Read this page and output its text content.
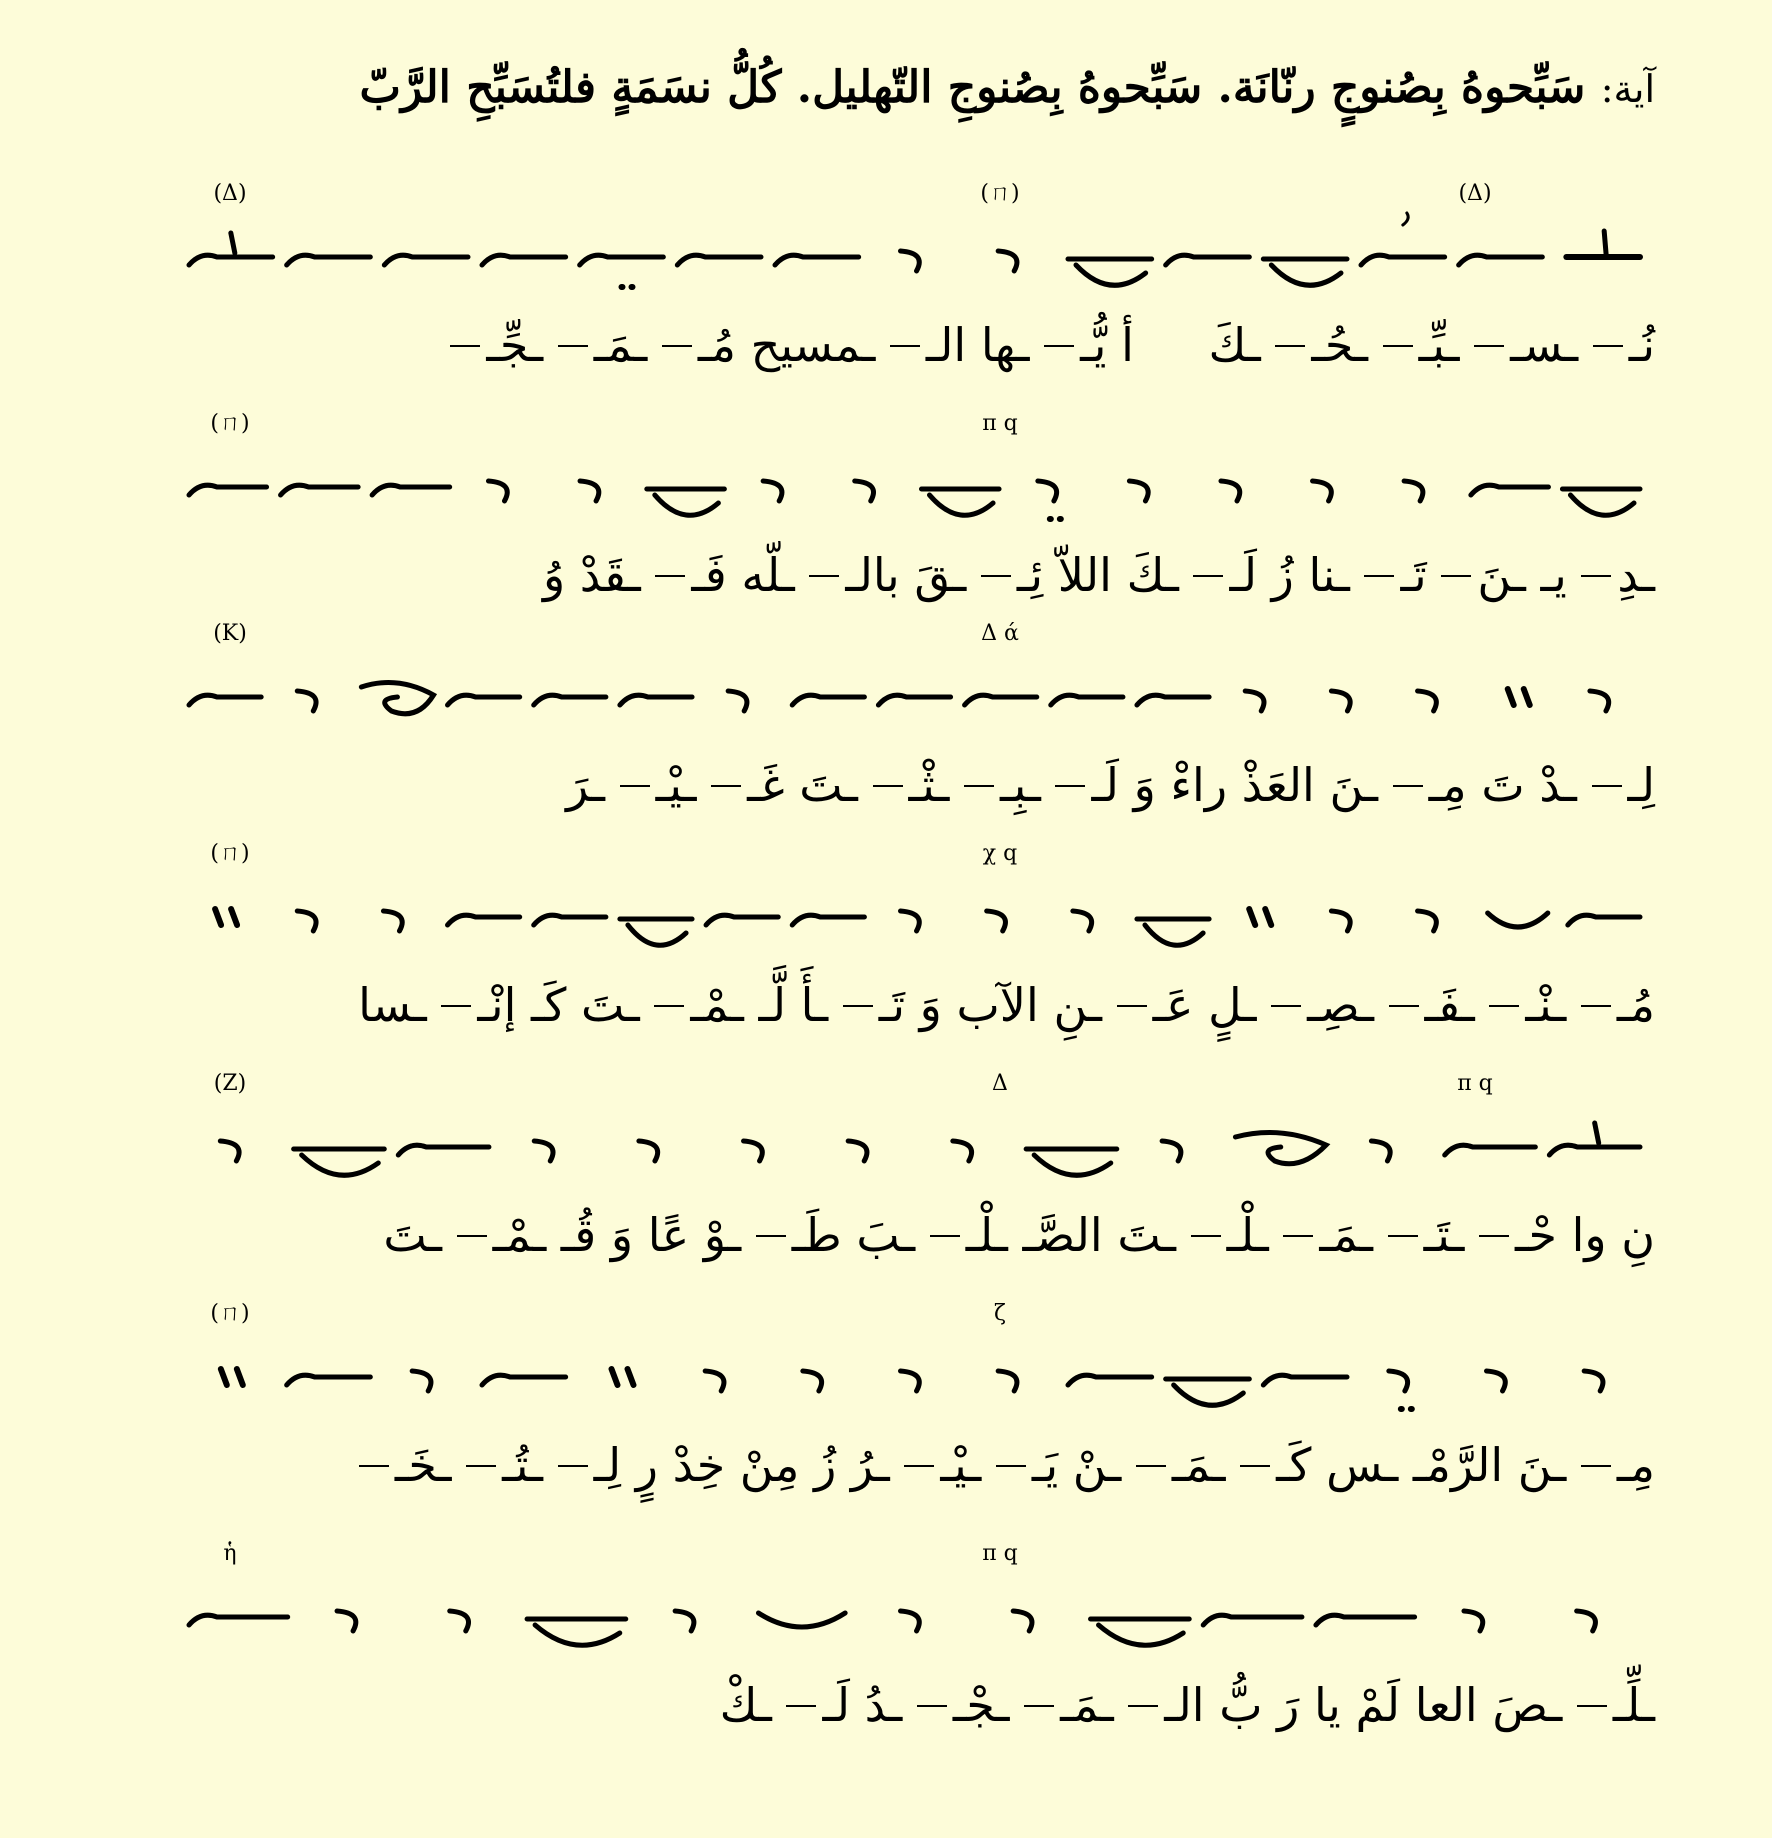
آية: سَبِّحوهُ بِصُنوجٍ رنّانَة. سَبِّحوهُ بِصُنوجِ التّهليل. كُلُّ نسَمَةٍ فلتُسَبِّحِ الرَّبّ
(Δ)	(ㄇ)	(Δ)
نُـ ـسـ ـبِّـ ـحُـ ـكَ أ يُّـ ـها الـ ـمسيح مُـ ـمَـ ـجِّـ
(ㄇ)	π q
ـدِ يـ ـنَ تَـ ـنا زُ لَـ ـكَ اللاّ ئِـ ـقَ بالـ ـلّه فَـ ـقَدْ وُ
(K)	Δ ά
لِـ ـدْ تَ مِـ ـنَ العَذْ راءْ وَ لَـ ـبِـ ـثْـ ـتَ غَـ ـيْـ ـرَ
(ㄇ)	χ q
مُـ ـنْـ ـفَـ ـصِـ ـلٍ عَـ ـنِ الآب وَ تَـ ـأَ لَّـ ـمْـ ـتَ كَـ إنْـ ـسا
(Z)	Δ	π q
نِ وا حْـ ـتَـ ـمَـ ـلْـ ـتَ الصَّـ ـلْـ ـبَ طَـ ـوْ عًا وَ قُـ ـمْـ ـتَ
(ㄇ)	ζ
مِـ ـنَ الرَّمْـ ـس كَـ ـمَـ ـنْ يَـ ـيْـ ـرُ زُ مِنْ خِدْ رٍ لِـ ـتُـ ـخَـ
ἡ	π q
ـلِّـ ـصَ العا لَمْ يا رَ بُّ الـ ـمَـ ـجْـ ـدُ لَـ ـكْ
